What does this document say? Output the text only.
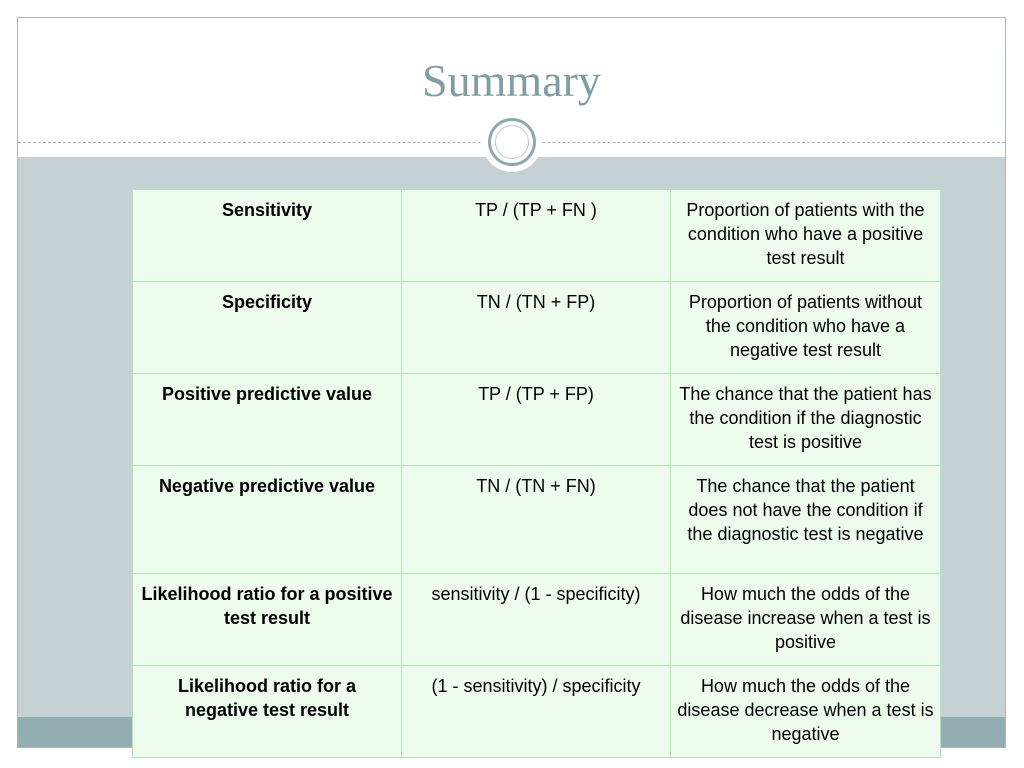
Summary
Sensitivity	TP / (TP + FN )	Proportion of patients with the condition who have a positive test result
Specificity	TN / (TN + FP)	Proportion of patients without the condition who have a negative test result
Positive predictive value	TP / (TP + FP)	The chance that the patient has the condition if the diagnostic test is positive
Negative predictive value	TN / (TN + FN)	The chance that the patient does not have the condition if the diagnostic test is negative
Likelihood ratio for a positive test result	sensitivity / (1 - specificity)	How much the odds of the disease increase when a test is positive
Likelihood ratio for a negative test result	(1 - sensitivity) / specificity	How much the odds of the disease decrease when a test is negative
